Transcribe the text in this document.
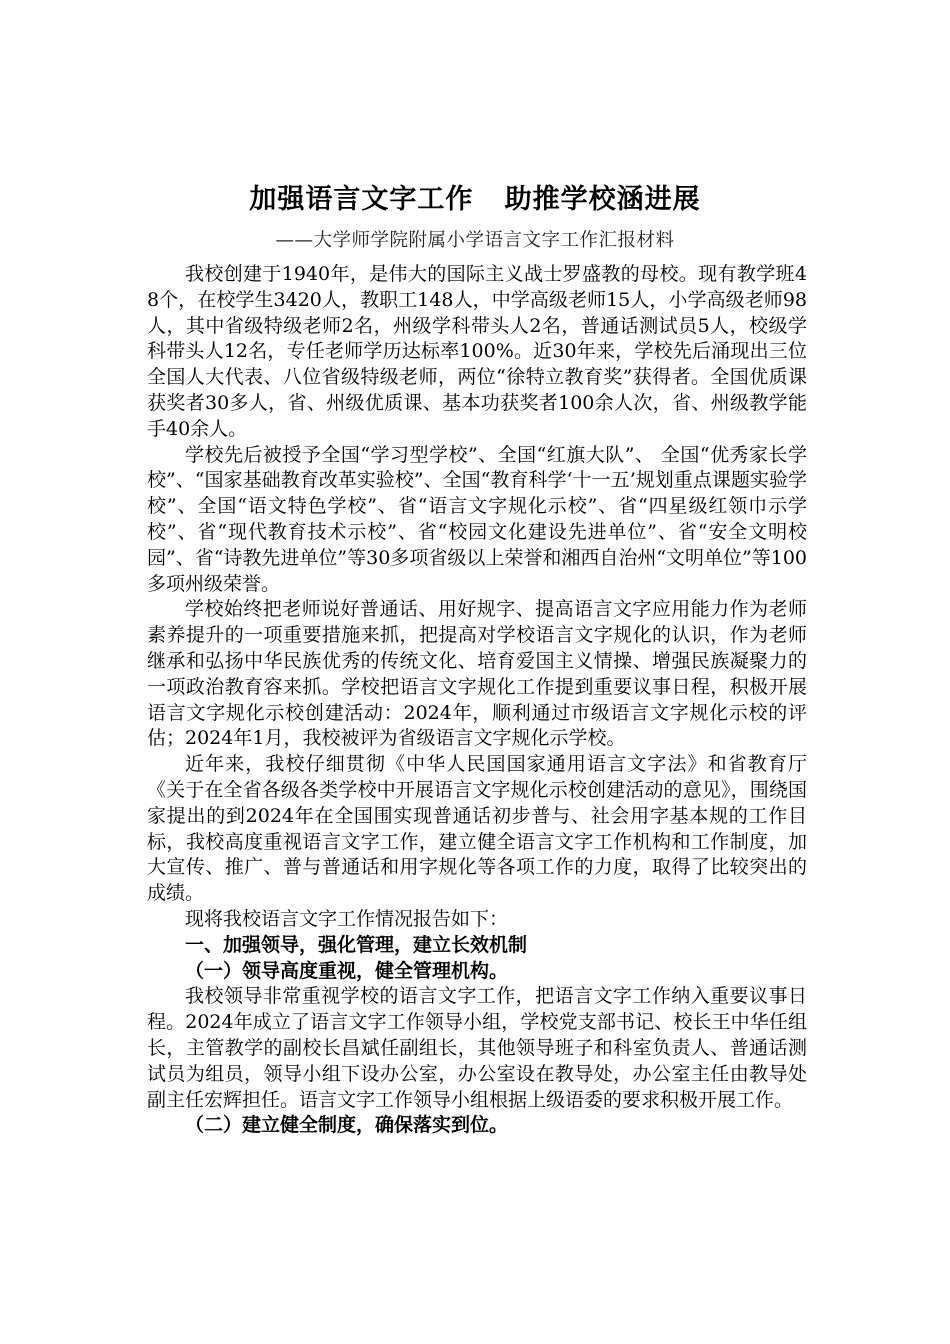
加强语言文字工作   助推学校涵进展
——大学师学院附属小学语言文字工作汇报材料

我校创建于1940年，是伟大的国际主义战士罗盛教的母校。现有教学班48个，在校学生3420人，教职工148人，中学高级老师15人，小学高级老师98人，其中省级特级老师2名，州级学科带头人2名，普通话测试员5人，校级学科带头人12名，专任老师学历达标率100%。近30年来，学校先后涌现出三位全国人大代表、八位省级特级老师，两位“徐特立教育奖”获得者。全国优质课获奖者30多人，省、州级优质课、基本功获奖者100余人次，省、州级教学能手40余人。

学校先后被授予全国“学习型学校”、全国“红旗大队”、 全国“优秀家长学校”、“国家基础教育改革实验校”、全国“教育科学‘十一五’规划重点课题实验学校”、全国“语文特色学校”、省“语言文字规化示校”、省“四星级红领巾示学校”、省“现代教育技术示校”、省“校园文化建设先进单位”、省“安全文明校园”、省“诗教先进单位”等30多项省级以上荣誉和湘西自治州“文明单位”等100多项州级荣誉。

学校始终把老师说好普通话、用好规字、提高语言文字应用能力作为老师素养提升的一项重要措施来抓，把提高对学校语言文字规化的认识，作为老师继承和弘扬中华民族优秀的传统文化、培育爱国主义情操、增强民族凝聚力的一项政治教育容来抓。学校把语言文字规化工作提到重要议事日程，积极开展语言文字规化示校创建活动：2024年，顺利通过市级语言文字规化示校的评估；2024年1月，我校被评为省级语言文字规化示学校。

近年来，我校仔细贯彻《中华人民国国家通用语言文字法》和省教育厅《关于在全省各级各类学校中开展语言文字规化示校创建活动的意见》，围绕国家提出的到2024年在全国围实现普通话初步普与、社会用字基本规的工作目标，我校高度重视语言文字工作，建立健全语言文字工作机构和工作制度，加大宣传、推广、普与普通话和用字规化等各项工作的力度，取得了比较突出的成绩。

现将我校语言文字工作情况报告如下：

一、加强领导，强化管理，建立长效机制

（一）领导高度重视，健全管理机构。

我校领导非常重视学校的语言文字工作，把语言文字工作纳入重要议事日程。2024年成立了语言文字工作领导小组，学校党支部书记、校长王中华任组长，主管教学的副校长昌斌任副组长，其他领导班子和科室负责人、普通话测试员为组员，领导小组下设办公室，办公室设在教导处，办公室主任由教导处副主任宏辉担任。语言文字工作领导小组根据上级语委的要求积极开展工作。

（二）建立健全制度，确保落实到位。
